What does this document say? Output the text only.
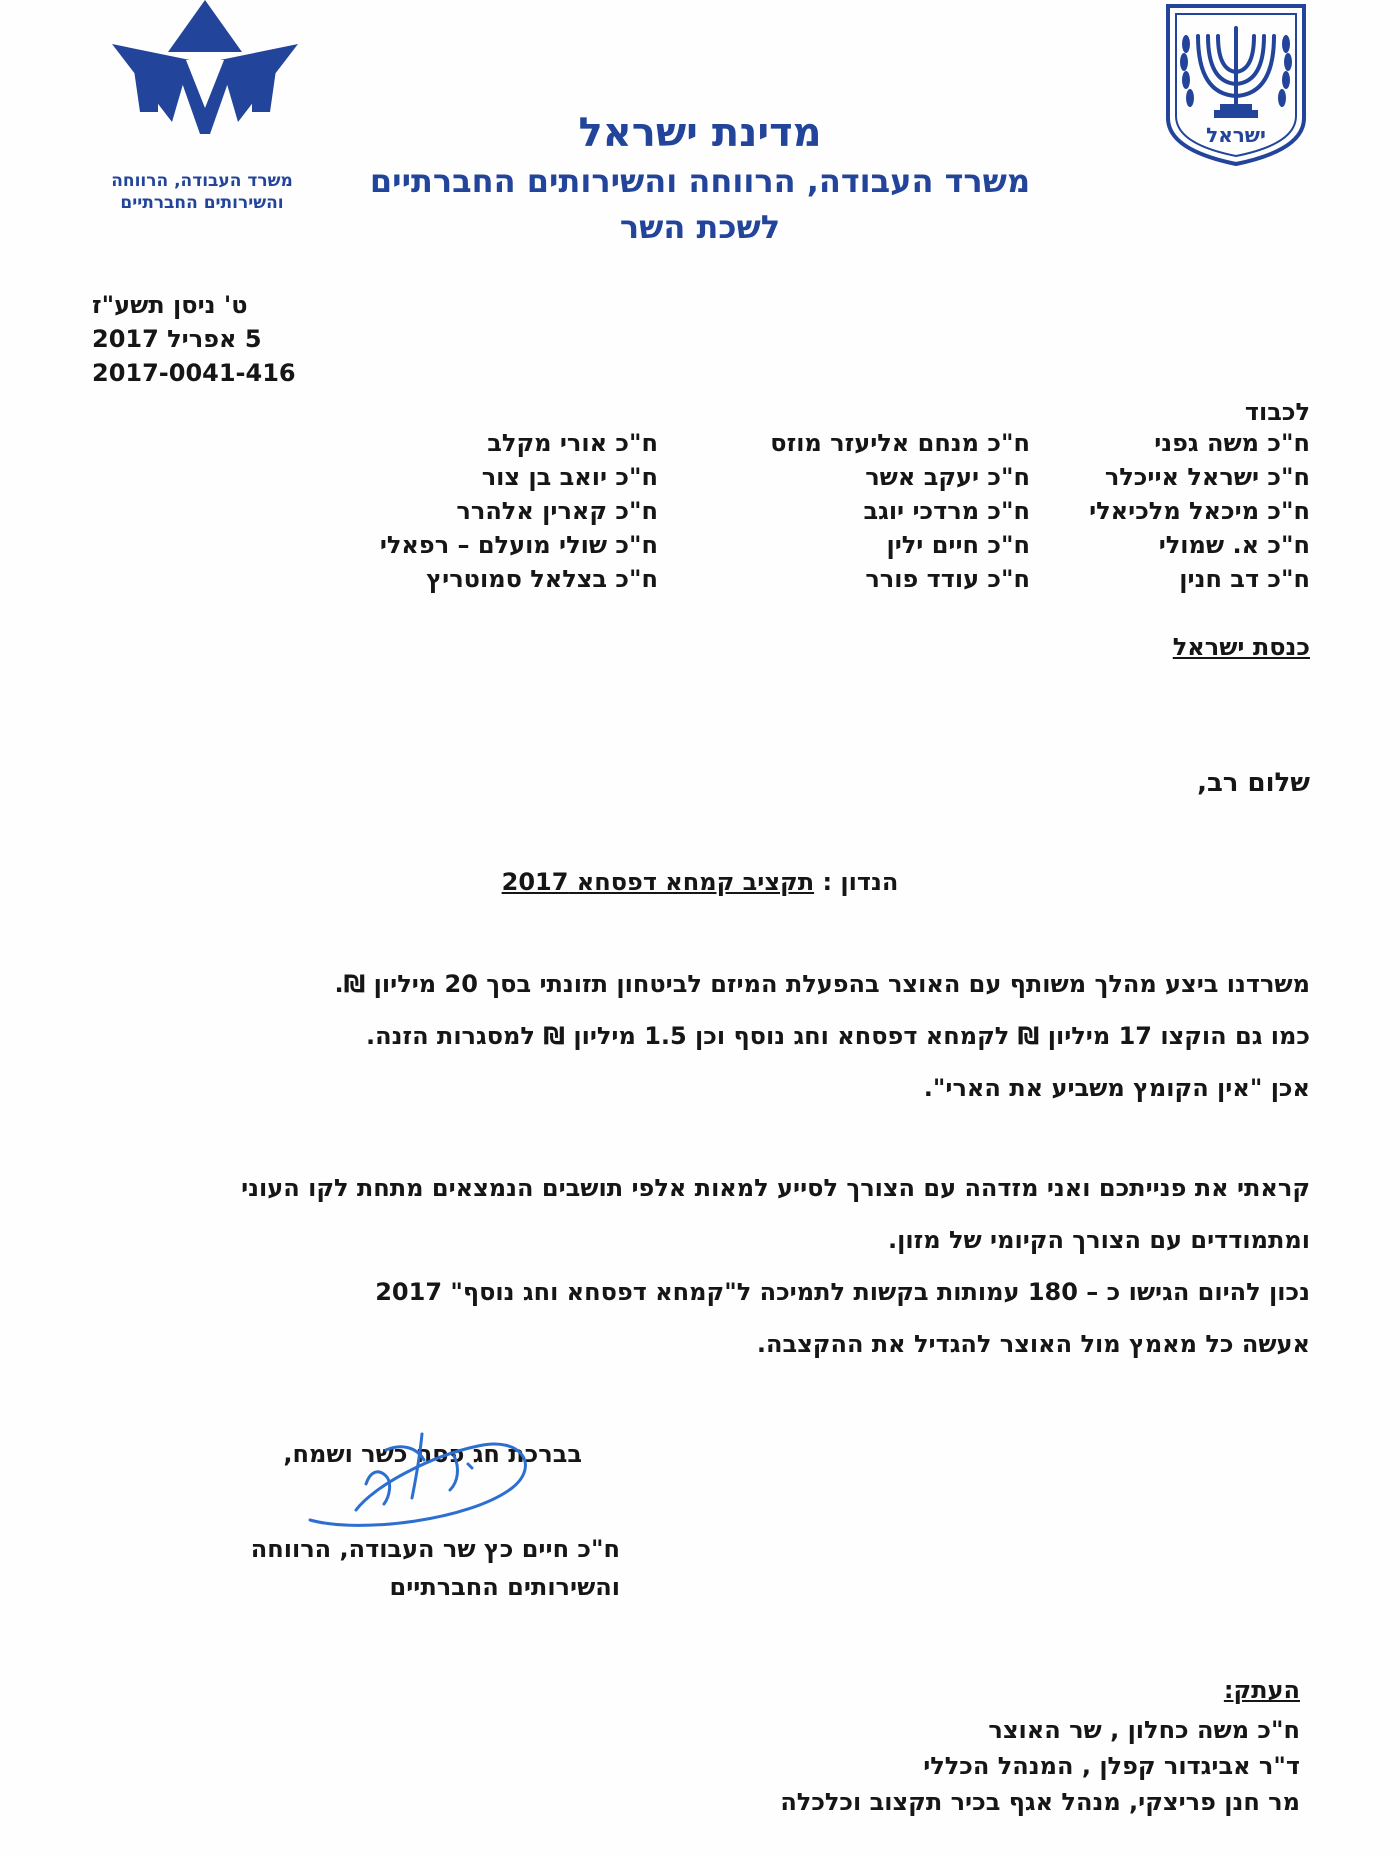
משרד העבודה, הרווחה
והשירותים החברתיים
ישראל
מדינת ישראל
משרד העבודה, הרווחה והשירותים החברתיים
לשכת השר
ט' ניסן תשע"ז
5 אפריל 2017
2017-0041-416
לכבוד
ח"כ משה גפני
ח"כ ישראל אייכלר
ח"כ מיכאל מלכיאלי
ח"כ א. שמולי
ח"כ דב חנין
ח"כ מנחם אליעזר מוזס
ח"כ יעקב אשר
ח"כ מרדכי יוגב
ח"כ חיים ילין
ח"כ עודד פורר
ח"כ אורי מקלב
ח"כ יואב בן צור
ח"כ קארין אלהרר
ח"כ שולי מועלם – רפאלי
ח"כ בצלאל סמוטריץ
כנסת ישראל
שלום רב,
הנדון : תקציב קמחא דפסחא 2017
משרדנו ביצע מהלך משותף עם האוצר בהפעלת המיזם לביטחון תזונתי בסך 20 מיליון ₪.
כמו גם הוקצו 17 מיליון ₪ לקמחא דפסחא וחג נוסף וכן 1.5 מיליון ₪ למסגרות הזנה.
אכן "אין הקומץ משביע את הארי".
קראתי את פנייתכם ואני מזדהה עם הצורך לסייע למאות אלפי תושבים הנמצאים מתחת לקו העוני
ומתמודדים עם הצורך הקיומי של מזון.
נכון להיום הגישו כ – 180 עמותות בקשות לתמיכה ל"קמחא דפסחא וחג נוסף" 2017
אעשה כל מאמץ מול האוצר להגדיל את ההקצבה.
בברכת חג פסח כשר ושמח,
ח"כ חיים כץ שר העבודה, הרווחה
והשירותים החברתיים
העתק:
ח"כ משה כחלון , שר האוצר
ד"ר אביגדור קפלן , המנהל הכללי
מר חנן פריצקי, מנהל אגף בכיר תקצוב וכלכלה
